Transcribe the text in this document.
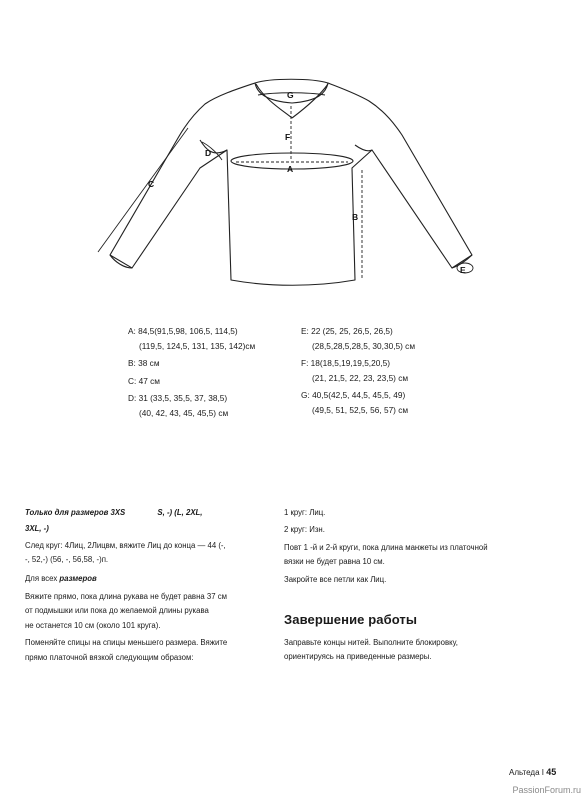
G
F
A
B
C
D
E
A: 84,5(91,5,98, 106,5, 114,5)
(119,5, 124,5, 131, 135, 142)см
B: 38 см
C: 47 см
D: 31 (33,5, 35,5, 37, 38,5)
(40, 42, 43, 45, 45,5) см
E: 22 (25, 25, 26,5, 26,5)
(28,5,28,5,28,5, 30,30,5) см
F: 18(18,5,19,19,5,20,5)
(21, 21,5, 22, 23, 23,5) см
G: 40,5(42,5, 44,5, 45,5, 49)
(49,5, 51, 52,5, 56, 57) см

Только для размеров 3XS	S, -) (L, 2XL,

3XL, -)

След круг: 4Лиц, 2Лицвм, вяжите Лиц до конца — 44 (-,

-, 52,-) (56, -, 56,58, -)п.

Для всех размеров

Вяжите прямо, пока длина рукава не будет равна 37 см

от подмышки или пока до желаемой длины рукава

не останется 10 см (около 101 круга).

Поменяйте спицы на спицы меньшего размера. Вяжите

прямо платочной вязкой следующим образом:

1 круг: Лиц.

2 круг: Изн.

Повт 1 -й и 2-й круги, пока длина манжеты из платочной

вязки не будет равна 10 см.

Закройте все петли как Лиц.

Завершение работы

Заправьте концы нитей. Выполните блокировку,

ориентируясь на приведенные размеры.

Альтеда I 45
PassionForum.ru
